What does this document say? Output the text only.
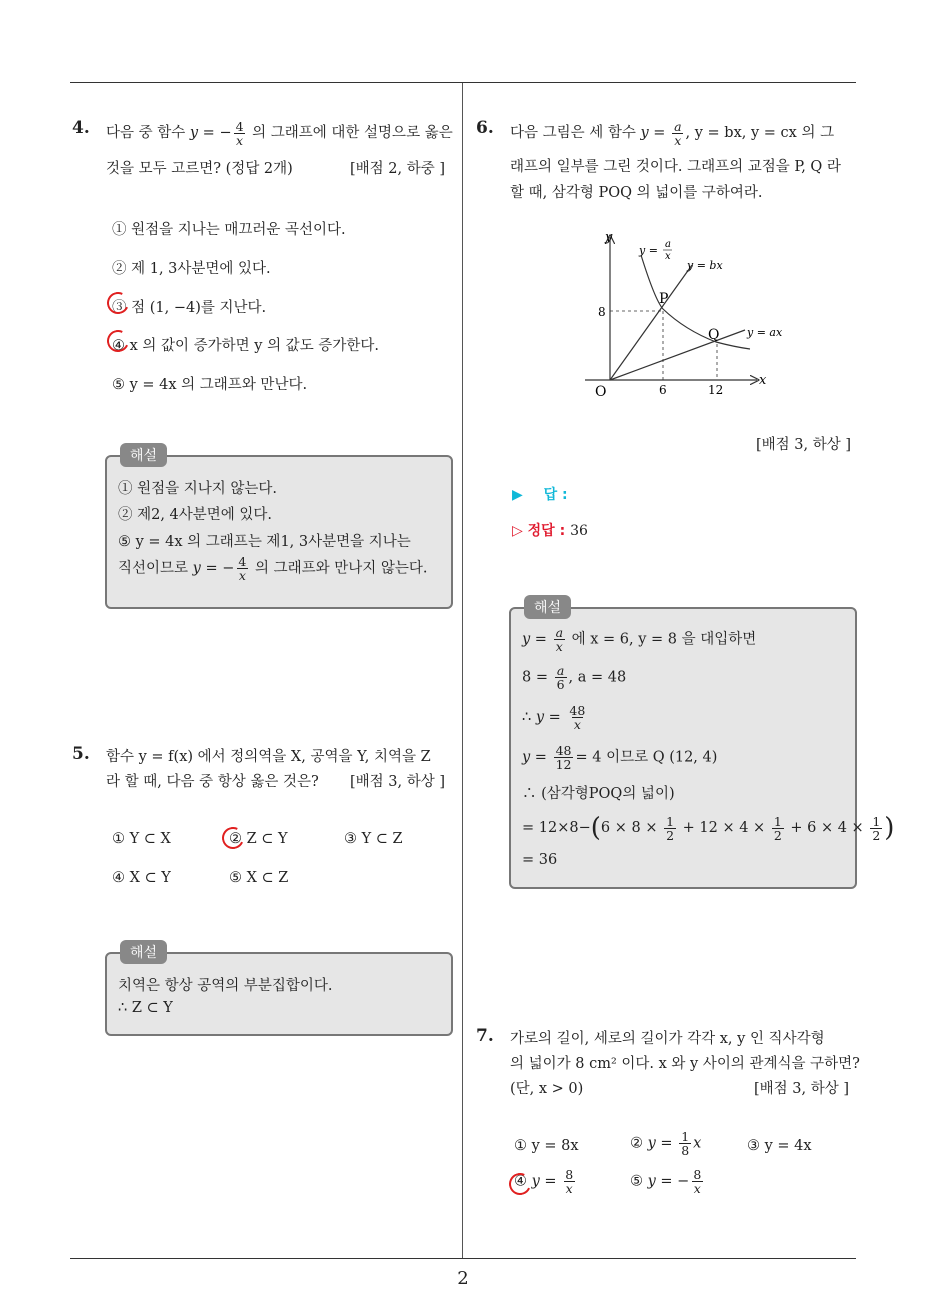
4. 다음 중 함수 y = − $\frac{4}{x}$ 의 그래프에 대한 설명으로 옳은
것을 모두 고르면? (정답 2개)	[배점 2, 하중 ]
① 원점을 지나는 매끄러운 곡선이다.
② 제 1, 3사분면에 있다.
③ 점 (1, −4)를 지난다.
④ x 의 값이 증가하면 y 의 값도 증가한다.
⑤ y = 4x 의 그래프와 만난다.
해설
① 원점을 지나지 않는다.
② 제2, 4사분면에 있다.
⑤ y = 4x 의 그래프는 제1, 3사분면을 지나는
직선이므로 y = − $\frac{4}{x}$ 의 그래프와 만나지 않는다.
5. 함수 y = f(x) 에서 정의역을 X, 공역을 Y, 치역을 Z
라 할 때, 다음 중 항상 옳은 것은? [배점 3, 하상 ]
① Y ⊂ X	② Z ⊂ Y	③ Y ⊂ Z
④ X ⊂ Y	⑤ X ⊂ Z
해설
치역은 항상 공역의 부분집합이다.
∴ Z ⊂ Y
6. 다음 그림은 세 함수 $y = \frac{a}{x}$ , y = bx, y = cx 의 그
래프의 일부를 그린 것이다. 그래프의 교점을 P, Q 라
할 때, 삼각형 POQ 의 넓이를 구하여라.
y
x
O
8
6	12
P
Q
y = a
x
y = bx
y = ax
[배점 3, 하상 ]
▶ 답 :
▷ 정답 : 36
해설
$y = \frac{a}{x}$ 에 x = 6, y = 8 을 대입하면
$8 = \frac{a}{6}$ , a = 48
∴ $y = \frac{48}{x}$
$y = \frac{48}{12} = 4$ 이므로 Q (12, 4)
∴ (삼각형POQ의 넓이)
= $12\times 8-(6 \times 8 \times \frac{1}{2} + 12 \times 4 \times \frac{1}{2} + 6 \times 4 \times \frac{1}{2}$ )
= 36
7. 가로의 길이, 세로의 길이가 각각 x, y 인 직사각형
의 넓이가 8 cm² 이다. x 와 y 사이의 관계식을 구하면?
(단, x > 0)	[배점 3, 하상 ]
① y = 8x	② $y = \frac{1}{8}$ x	③ y = 4x
④ $y = \frac{8}{x}$	⑤ y = − $\frac{8}{x}$
2
